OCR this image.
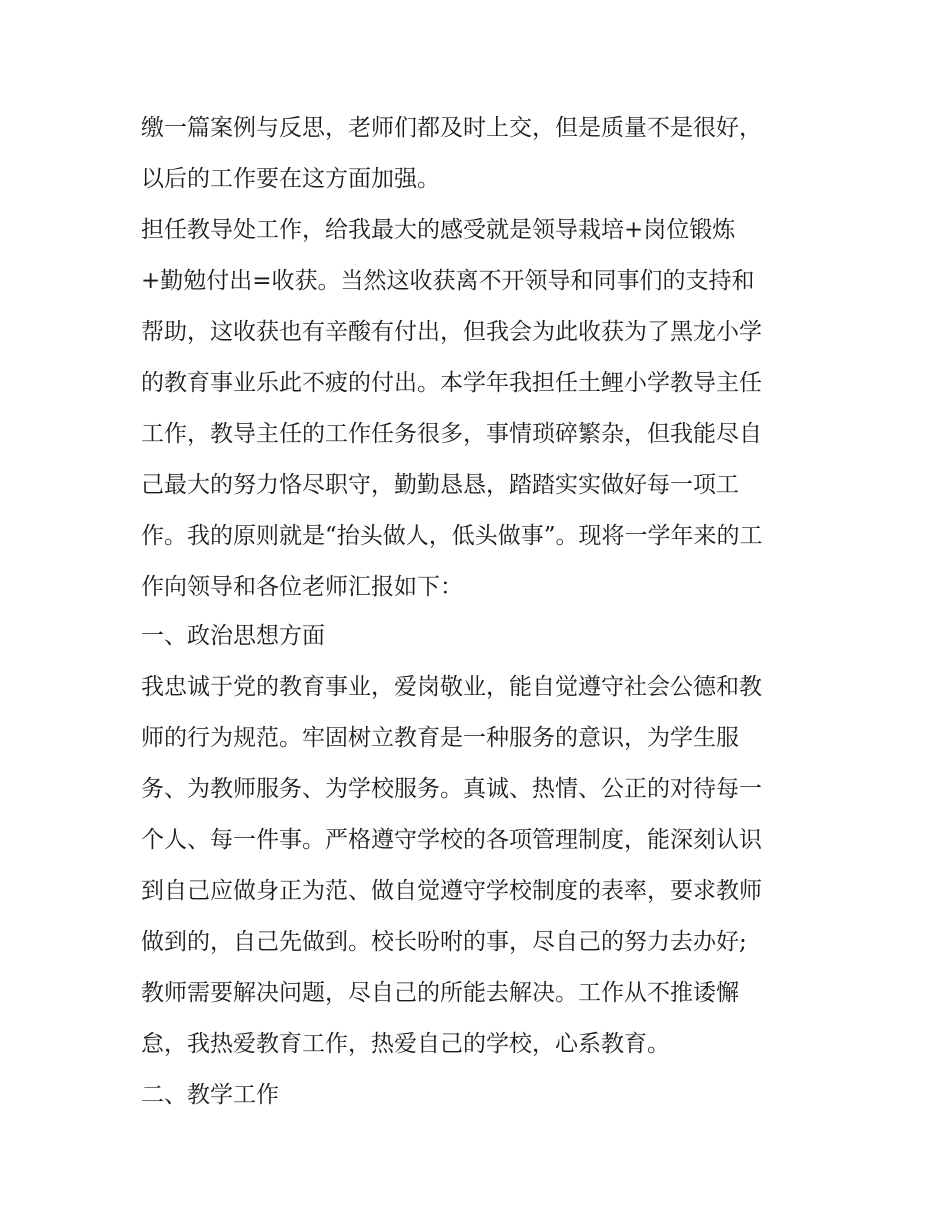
缴一篇案例与反思，老师们都及时上交，但是质量不是很好，
以后的工作要在这方面加强。
担任教导处工作，给我最大的感受就是领导栽培+岗位锻炼
+勤勉付出=收获。当然这收获离不开领导和同事们的支持和
帮助，这收获也有辛酸有付出，但我会为此收获为了黑龙小学
的教育事业乐此不疲的付出。本学年我担任土鲤小学教导主任
工作，教导主任的工作任务很多，事情琐碎繁杂，但我能尽自
己最大的努力恪尽职守，勤勤恳恳，踏踏实实做好每一项工
作。我的原则就是“抬头做人，低头做事”。现将一学年来的工
作向领导和各位老师汇报如下：
一、政治思想方面
我忠诚于党的教育事业，爱岗敬业，能自觉遵守社会公德和教
师的行为规范。牢固树立教育是一种服务的意识，为学生服
务、为教师服务、为学校服务。真诚、热情、公正的对待每一
个人、每一件事。严格遵守学校的各项管理制度，能深刻认识
到自己应做身正为范、做自觉遵守学校制度的表率，要求教师
做到的，自己先做到。校长吩咐的事，尽自己的努力去办好;
教师需要解决问题，尽自己的所能去解决。工作从不推诿懈
怠，我热爱教育工作，热爱自己的学校，心系教育。
二、教学工作
